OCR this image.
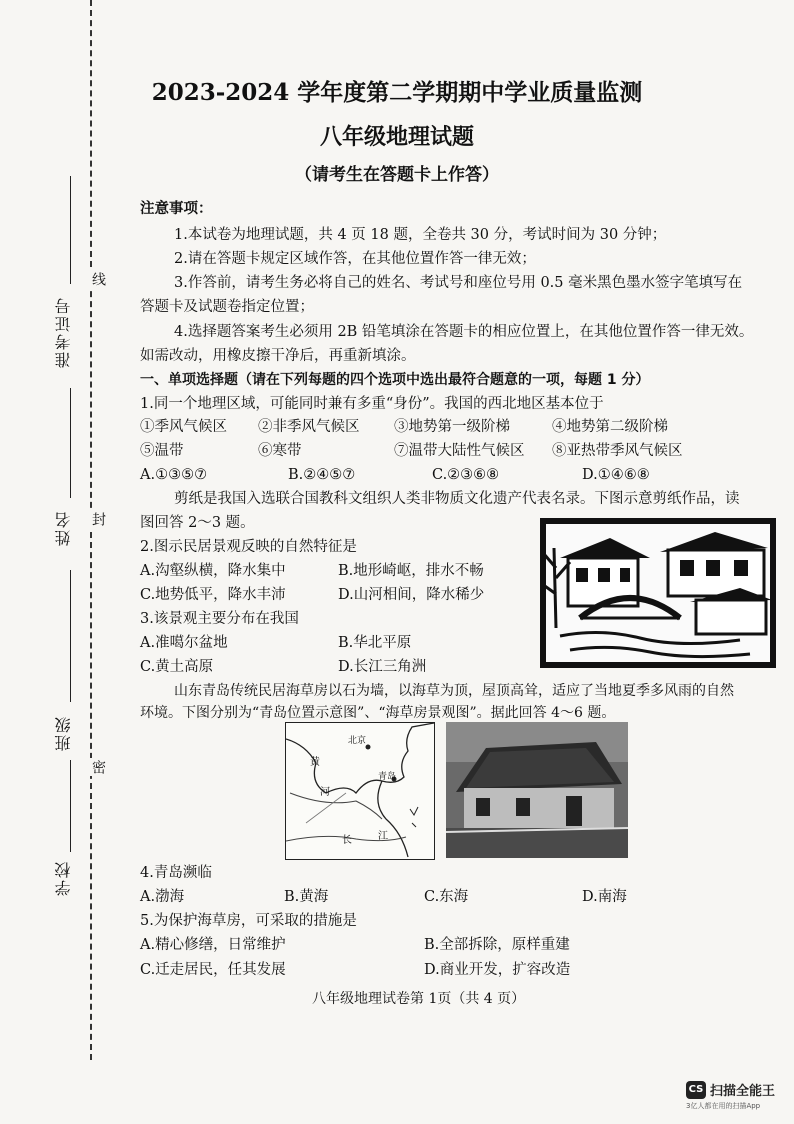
准考证号
姓名
班级
学校
线
封
密
2023-2024 学年度第二学期期中学业质量监测
八年级地理试题
（请考生在答题卡上作答）
注意事项：
1.本试卷为地理试题，共 4 页 18 题，全卷共 30 分，考试时间为 30 分钟；
2.请在答题卡规定区域作答，在其他位置作答一律无效；
3.作答前，请考生务必将自己的姓名、考试号和座位号用 0.5 毫米黑色墨水签字笔填写在
答题卡及试题卷指定位置；
4.选择题答案考生必须用 2B 铅笔填涂在答题卡的相应位置上，在其他位置作答一律无效。
如需改动，用橡皮擦干净后，再重新填涂。
一、单项选择题（请在下列每题的四个选项中选出最符合题意的一项，每题 1 分）
1.同一个地理区域，可能同时兼有多重“身份”。我国的西北地区基本位于
①季风气候区 ②非季风气候区 ③地势第一级阶梯	④地势第二级阶梯
⑤温带	⑥寒带	⑦温带大陆性气候区 ⑧亚热带季风气候区
A.①③⑤⑦	B.②④⑤⑦	C.②③⑥⑧	D.①④⑥⑧
剪纸是我国入选联合国教科文组织人类非物质文化遗产代表名录。下图示意剪纸作品，读
图回答 2～3 题。
2.图示民居景观反映的自然特征是
A.沟壑纵横，降水集中	B.地形崎岖，排水不畅
C.地势低平，降水丰沛	D.山河相间，降水稀少
3.该景观主要分布在我国
A.准噶尔盆地	B.华北平原
C.黄土高原	D.长江三角洲
山东青岛传统民居海草房以石为墙，以海草为顶，屋顶高耸，适应了当地夏季多风雨的自然
环境。下图分别为“青岛位置示意图”、“海草房景观图”。据此回答 4～6 题。
黄
河
北京
青岛
长	江
4.青岛濒临
A.渤海	B.黄海	C.东海	D.南海
5.为保护海草房，可采取的措施是
A.精心修缮，日常维护	B.全部拆除，原样重建
C.迁走居民，任其发展	D.商业开发，扩容改造
八年级地理试卷第 1页（共 4 页）
CS 扫描全能王
3亿人都在用的扫描App
